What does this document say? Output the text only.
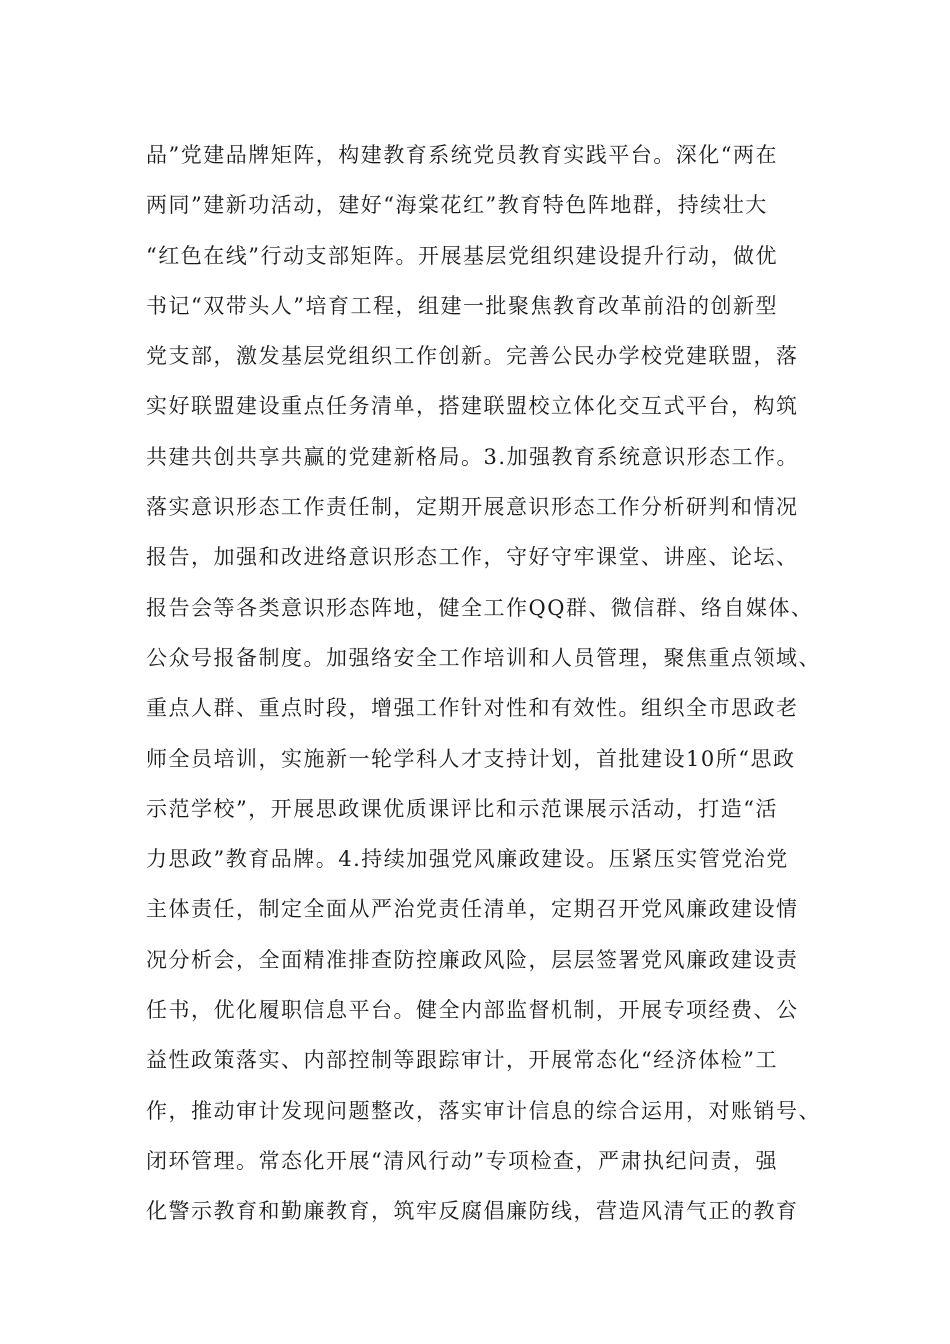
品”党建品牌矩阵，构建教育系统党员教育实践平台。深化“两在

两同”建新功活动，建好“海棠花红”教育特色阵地群，持续壮大

“红色在线”行动支部矩阵。开展基层党组织建设提升行动，做优

书记“双带头人”培育工程，组建一批聚焦教育改革前沿的创新型

党支部，激发基层党组织工作创新。完善公民办学校党建联盟，落

实好联盟建设重点任务清单，搭建联盟校立体化交互式平台，构筑

共建共创共享共赢的党建新格局。3.加强教育系统意识形态工作。

落实意识形态工作责任制，定期开展意识形态工作分析研判和情况

报告，加强和改进络意识形态工作，守好守牢课堂、讲座、论坛、

报告会等各类意识形态阵地，健全工作QQ群、微信群、络自媒体、

公众号报备制度。加强络安全工作培训和人员管理，聚焦重点领域、

重点人群、重点时段，增强工作针对性和有效性。组织全市思政老

师全员培训，实施新一轮学科人才支持计划，首批建设10所“思政

示范学校”，开展思政课优质课评比和示范课展示活动，打造“活

力思政”教育品牌。4.持续加强党风廉政建设。压紧压实管党治党

主体责任，制定全面从严治党责任清单，定期召开党风廉政建设情

况分析会，全面精准排查防控廉政风险，层层签署党风廉政建设责

任书，优化履职信息平台。健全内部监督机制，开展专项经费、公

益性政策落实、内部控制等跟踪审计，开展常态化“经济体检”工

作，推动审计发现问题整改，落实审计信息的综合运用，对账销号、

闭环管理。常态化开展“清风行动”专项检查，严肃执纪问责，强

化警示教育和勤廉教育，筑牢反腐倡廉防线，营造风清气正的教育
